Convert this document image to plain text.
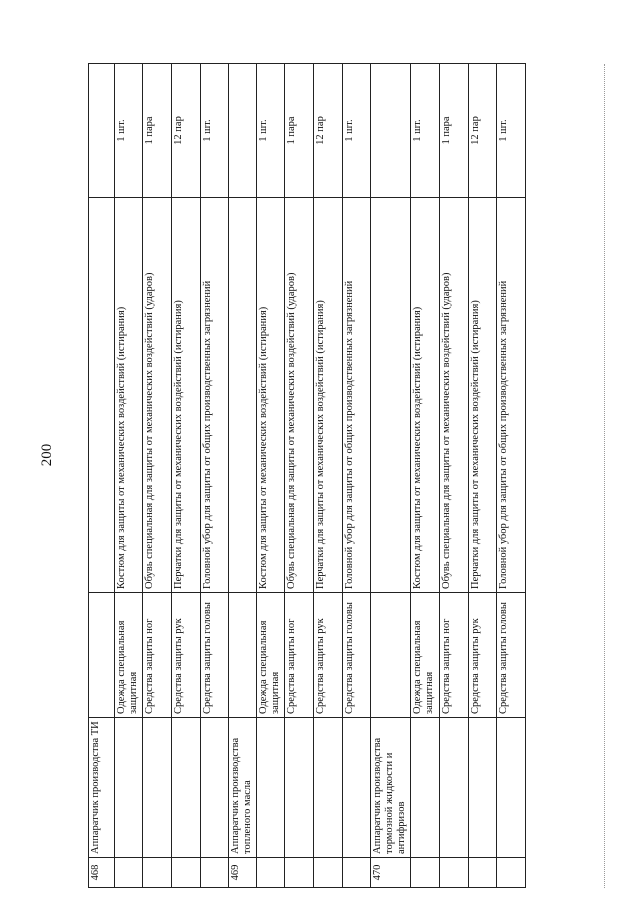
200
468	Аппаратчик производства ТИ			
		Одежда специальная защитная	Костюм для защиты от механических воздействий (истирания)	1 шт.
		Средства защиты ног	Обувь специальная для защиты от механических воздействий (ударов)	1 пара
		Средства защиты рук	Перчатки для защиты от механических воздействий (истирания)	12 пар
		Средства защиты головы	Головной убор для защиты от общих производственных загрязнений	1 шт.
469	Аппаратчик производства топленого масла			
		Одежда специальная защитная	Костюм для защиты от механических воздействий (истирания)	1 шт.
		Средства защиты ног	Обувь специальная для защиты от механических воздействий (ударов)	1 пара
		Средства защиты рук	Перчатки для защиты от механических воздействий (истирания)	12 пар
		Средства защиты головы	Головной убор для защиты от общих производственных загрязнений	1 шт.
470	Аппаратчик производства тормозной жидкости и антифризов			
		Одежда специальная защитная	Костюм для защиты от механических воздействий (истирания)	1 шт.
		Средства защиты ног	Обувь специальная для защиты от механических воздействий (ударов)	1 пара
		Средства защиты рук	Перчатки для защиты от механических воздействий (истирания)	12 пар
		Средства защиты головы	Головной убор для защиты от общих производственных загрязнений	1 шт.
